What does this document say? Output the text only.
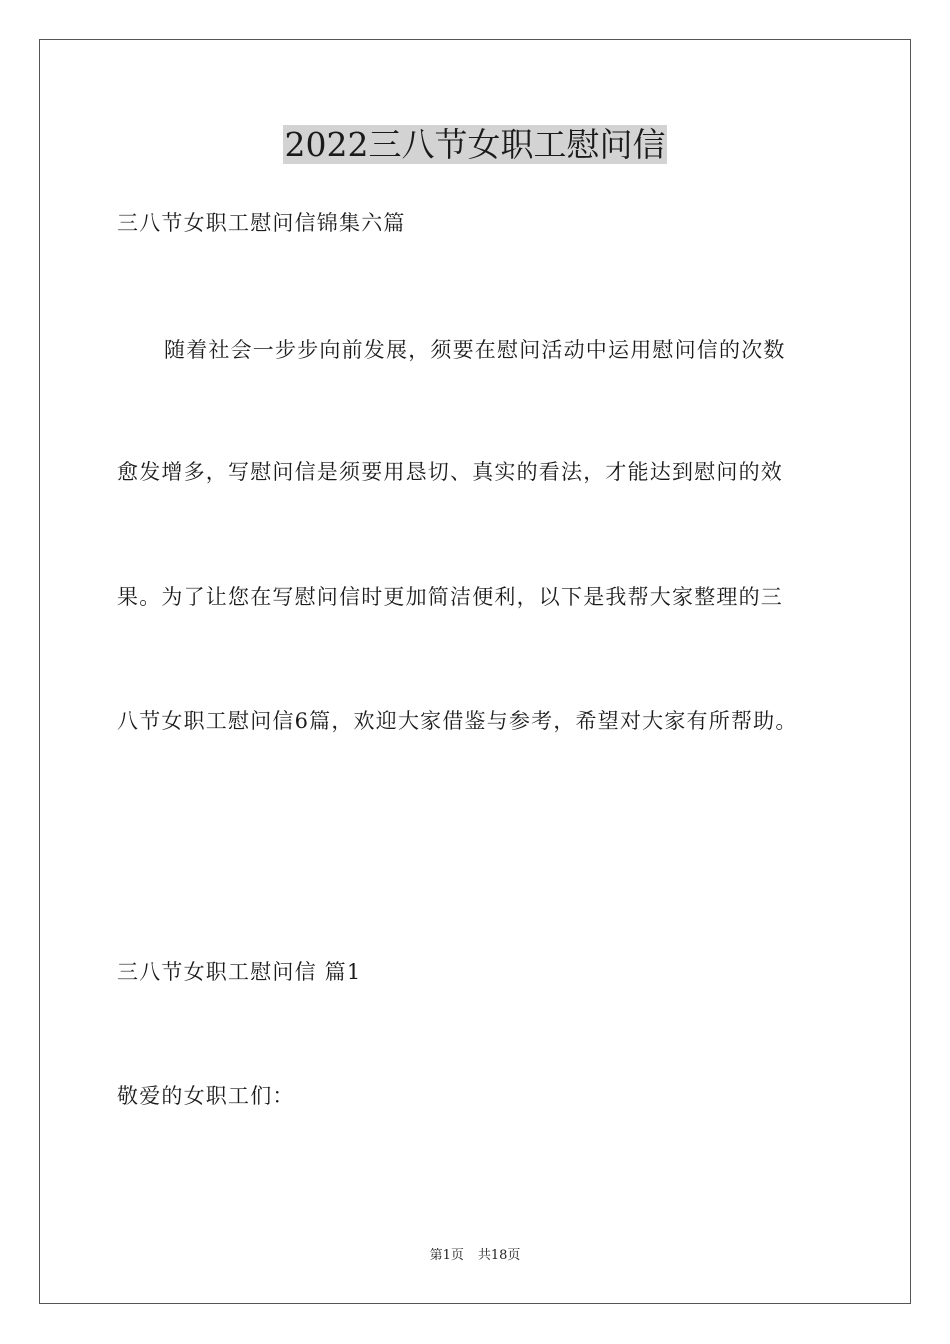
2022三八节女职工慰问信
三八节女职工慰问信锦集六篇
随着社会一步步向前发展，须要在慰问活动中运用慰问信的次数
愈发增多，写慰问信是须要用恳切、真实的看法，才能达到慰问的效
果。为了让您在写慰问信时更加简洁便利，以下是我帮大家整理的三
八节女职工慰问信6篇，欢迎大家借鉴与参考，希望对大家有所帮助。
三八节女职工慰问信 篇1
敬爱的女职工们：
第1页 共18页
